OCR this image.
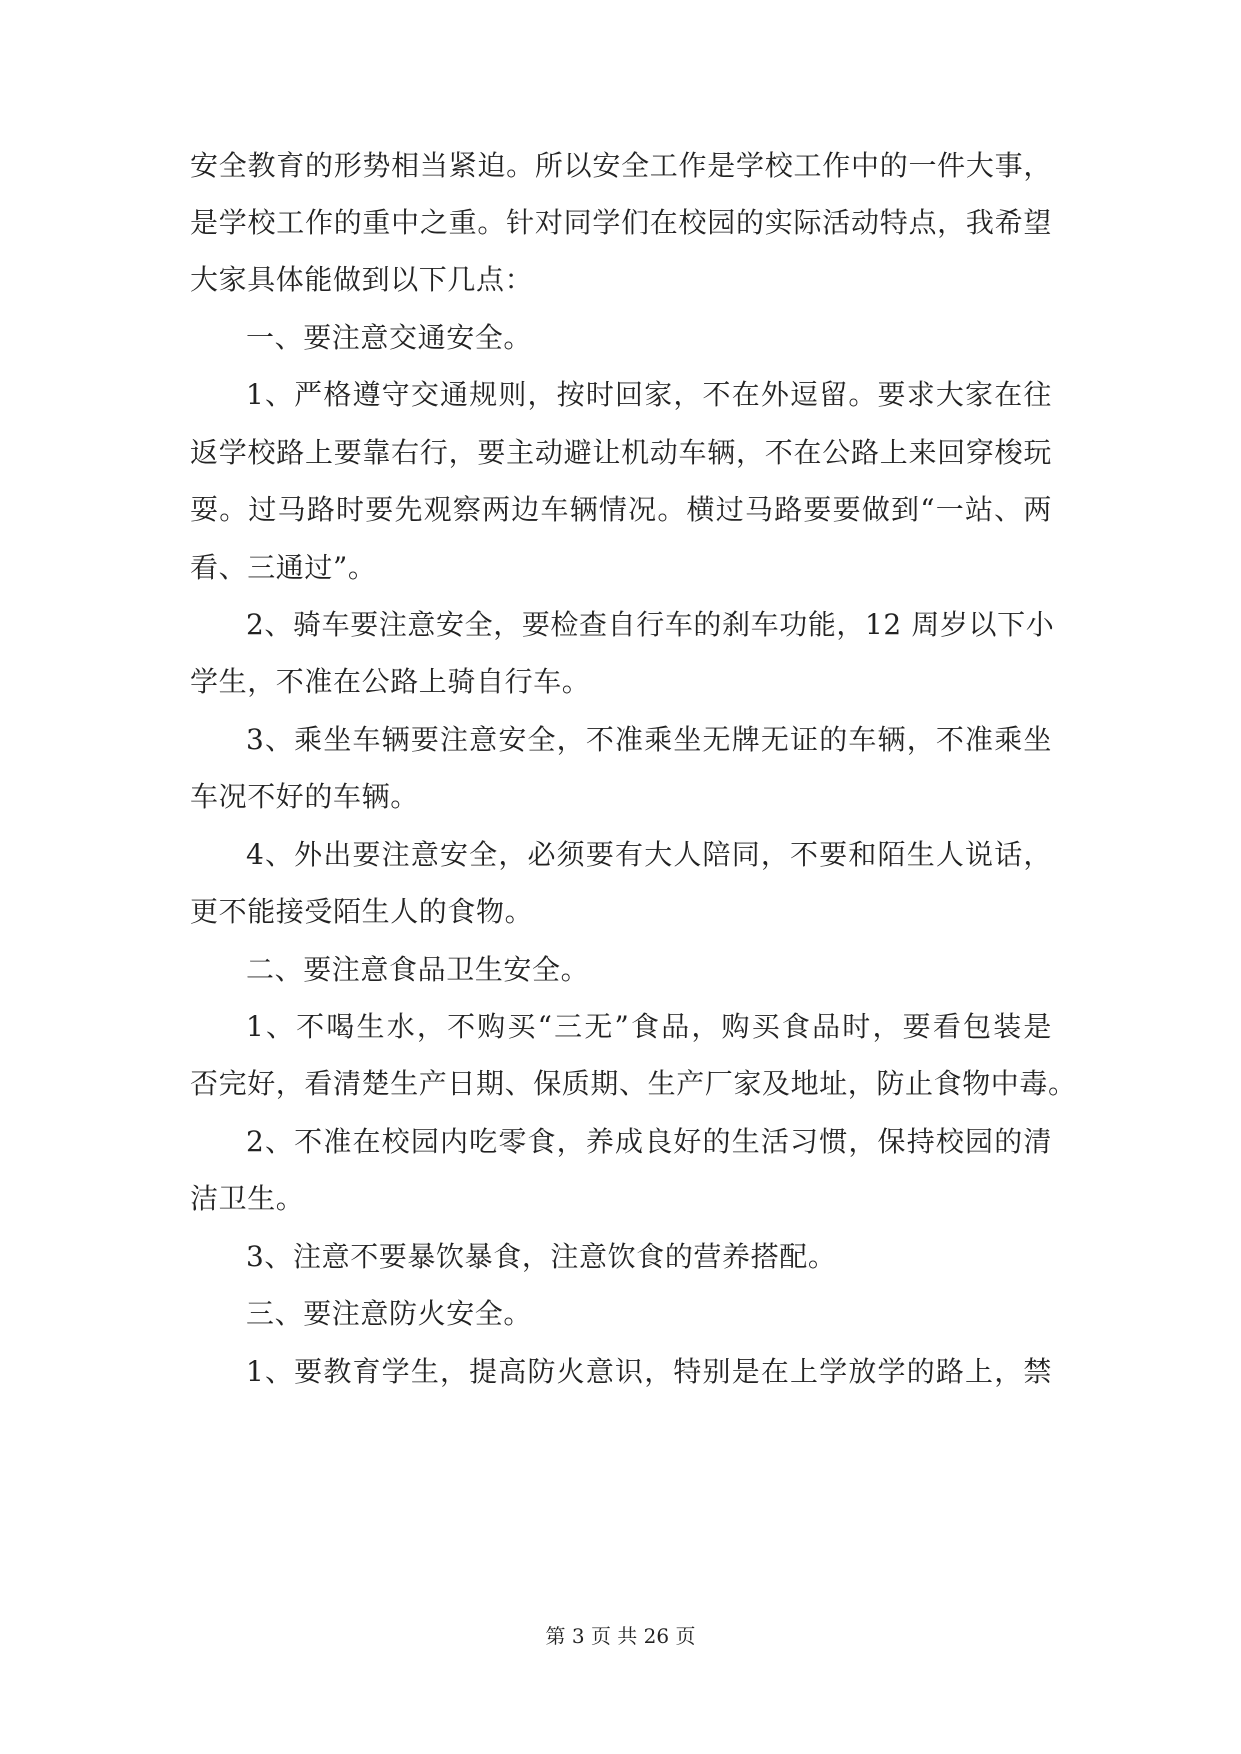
安全教育的形势相当紧迫。所以安全工作是学校工作中的一件大事，
是学校工作的重中之重。针对同学们在校园的实际活动特点，我希望
大家具体能做到以下几点：
一、要注意交通安全。
1、严格遵守交通规则，按时回家，不在外逗留。要求大家在往
返学校路上要靠右行，要主动避让机动车辆，不在公路上来回穿梭玩
耍。过马路时要先观察两边车辆情况。横过马路要要做到“一站、两
看、三通过”。
2、骑车要注意安全，要检查自行车的刹车功能，12 周岁以下小
学生，不准在公路上骑自行车。
3、乘坐车辆要注意安全，不准乘坐无牌无证的车辆，不准乘坐
车况不好的车辆。
4、外出要注意安全，必须要有大人陪同，不要和陌生人说话，
更不能接受陌生人的食物。
二、要注意食品卫生安全。
1、不喝生水，不购买“三无”食品，购买食品时，要看包装是
否完好，看清楚生产日期、保质期、生产厂家及地址，防止食物中毒。
2、不准在校园内吃零食，养成良好的生活习惯，保持校园的清
洁卫生。
3、注意不要暴饮暴食，注意饮食的营养搭配。
三、要注意防火安全。
1、要教育学生，提高防火意识，特别是在上学放学的路上，禁
第 3 页 共 26 页
